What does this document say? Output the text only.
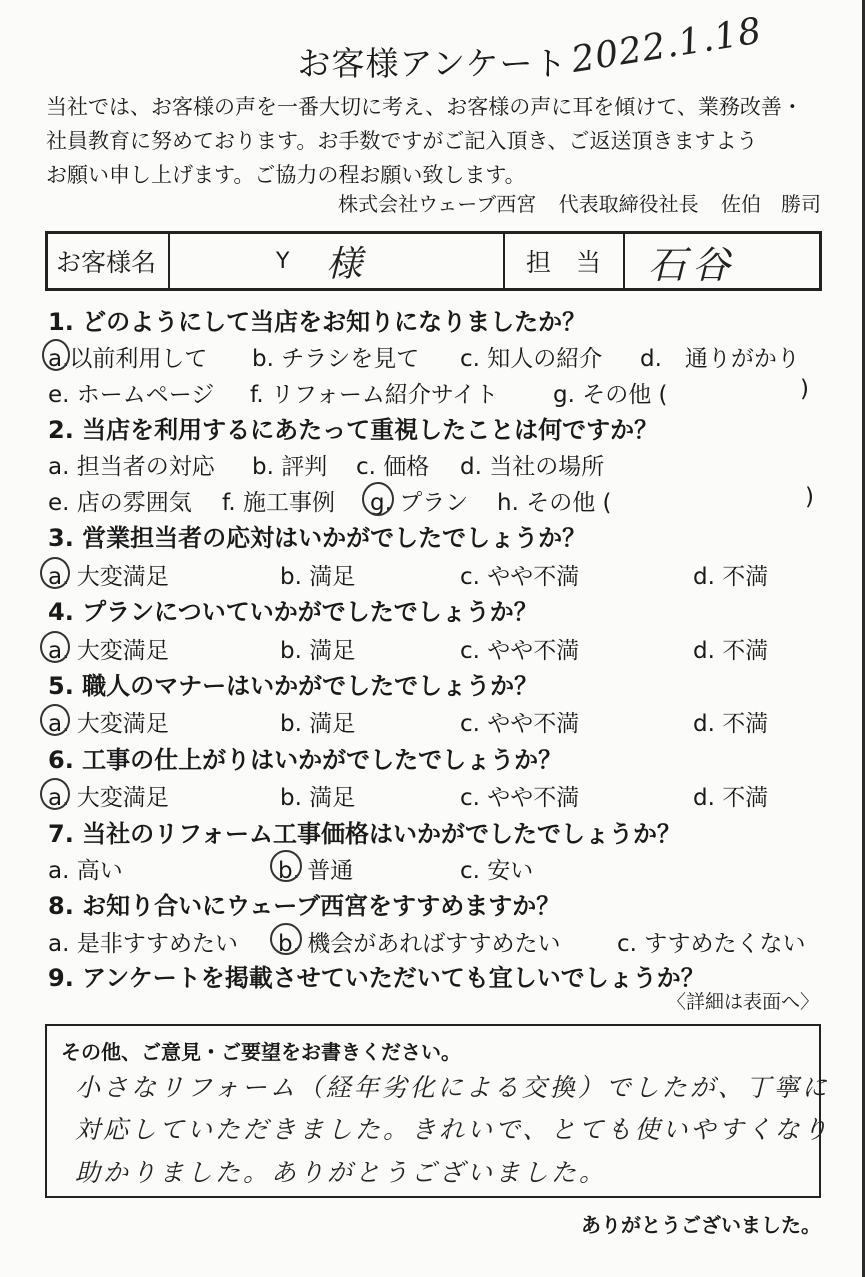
お客様アンケート 2022.1.18

当社では、お客様の声を一番大切に考え、お客様の声に耳を傾けて、業務改善・

社員教育に努めております。お手数ですがご記入頂き、ご返送頂きますよう

お願い申し上げます。ご協力の程お願い致します。

株式会社ウェーブ西宮 代表取締役社長 佐伯　勝司
お客様名	Y 様	担　当 石谷
1. どのようにして当店をお知りになりましたか？
a.以前利用して b. チラシを見て c. 知人の紹介 d.　通りがかり
e. ホームページ f. リフォーム紹介サイト g. その他 (	)
2. 当店を利用するにあたって重視したことは何ですか？
a. 担当者の対応 b. 評判 c. 価格 d. 当社の場所
e. 店の雰囲気 f. 施工事例 g. プラン h. その他 (	)
3. 営業担当者の応対はいかがでしたでしょうか？
a. 大変満足	b. 満足	c. やや不満	d. 不満
4. プランについていかがでしたでしょうか？
a. 大変満足	b. 満足	c. やや不満	d. 不満
5. 職人のマナーはいかがでしたでしょうか？
a. 大変満足	b. 満足	c. やや不満	d. 不満
6. 工事の仕上がりはいかがでしたでしょうか？
a. 大変満足	b. 満足	c. やや不満	d. 不満
7. 当社のリフォーム工事価格はいかがでしたでしょうか？
a. 高い	b. 普通	c. 安い
8. お知り合いにウェーブ西宮をすすめますか？
a. 是非すすめたい b. 機会があればすすめたい c. すすめたくない
9. アンケートを掲載させていただいても宜しいでしょうか？
〈詳細は表面へ〉
その他、ご意見・ご要望をお書きください。
小さなリフォーム（経年劣化による交換）でしたが、丁寧に
対応していただきました。きれいで、とても使いやすくなり
助かりました。ありがとうございました。
ありがとうございました。
